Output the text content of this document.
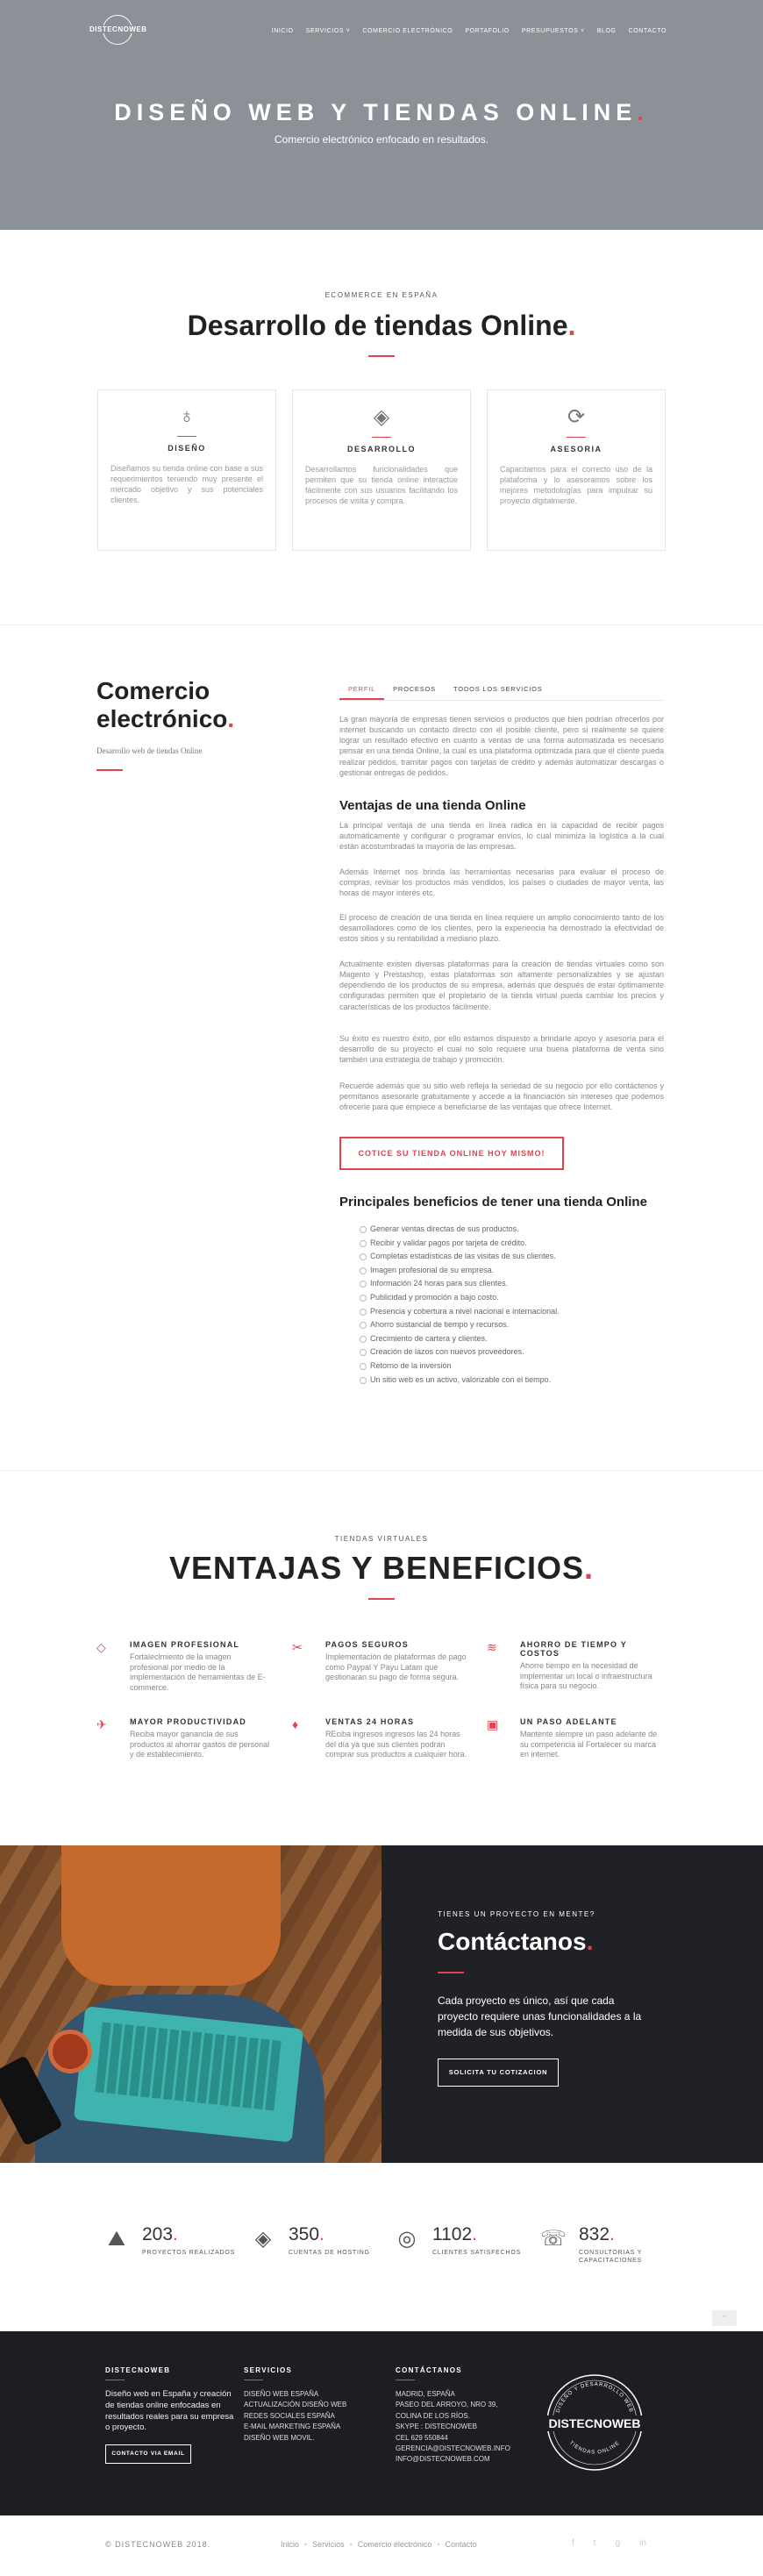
DISTECNOWEB	INICIO SERVICIOS ˅ COMERCIO ELECTRÓNICO PORTAFOLIO PRESUPUESTOS ˅ BLOG CONTACTO
DISEÑO WEB Y TIENDAS ONLINE.
Comercio electrónico enfocado en resultados.
ECOMMERCE EN ESPAÑA
Desarrollo de tiendas Online.
♁
DISEÑO

Diseñamos su tienda online con base a sus requerimientos teniendo muy presente el mercado objetivo y sus potenciales clientes.

◈
DESARROLLO

Desarrollamos funcionalidades que permiten que su tienda online interactúe fácilmente con sus usuarios facilitando los procesos de visita y compra.

⟳
ASESORIA

Capacitamos para el correcto uso de la plataforma y lo asesoramos sobre los mejores metodologías para impulsar su proyecto digitalmente.

Comercio
electrónico.
Desarrollo web de tiendas Online
PERFIL	PROCESOS	TODOS LOS SERVICIOS

La gran mayoría de empresas tienen servicios o productos que bien podrían ofrecerlos por internet buscando un contacto directo con el posible cliente, pero si realmente se quiere lograr un resultado efectivo en cuanto a ventas de una forma automatizada es necesario pensar en una tienda Online, la cual es una plataforma optimizada para que el cliente pueda realizar pedidos, tramitar pagos con tarjetas de crédito y además automatizar descargas o gestionar entregas de pedidos.

Ventajas de una tienda Online

La principal ventaja de una tienda en línea radica en la capacidad de recibir pagos automáticamente y configurar o programar envíos, lo cual minimiza la logística a la cual están acostumbradas la mayoría de las empresas.

Además Internet nos brinda las herramientas necesarias para evaluar el proceso de compras, revisar los productos más vendidos, los países o ciudades de mayor venta, las horas de mayor interés etc.

El proceso de creación de una tienda en línea requiere un amplio conocimiento tanto de los desarrolladores como de los clientes, pero la experiencia ha demostrado la efectividad de estos sitios y su rentabilidad a mediano plazo.

Actualmente existen diversas plataformas para la creación de tiendas virtuales como son Magento y Prestashop, estas plataformas son altamente personalizables y se ajustan dependiendo de los productos de su empresa, además que después de estar óptimamente configuradas permiten que el propietario de la tienda virtual pueda cambiar los precios y características de los productos fácilmente.

Su éxito es nuestro éxito, por ello estamos dispuesto a brindarle apoyo y asesoría para el desarrollo de su proyecto el cual no solo requiere una buena plataforma de venta sino también una estrategia de trabajo y promoción.

Recuerde además que su sitio web refleja la seriedad de su negocio por ello contáctenos y permítanos asesorarle gratuitamente y accede a la financiación sin intereses que podemos ofrecerle para que empiece a beneficiarse de las ventajas que ofrece Internet.

COTICE SU TIENDA ONLINE HOY MISMO!
Principales beneficios de tener una tienda Online
Generar ventas directas de sus productos.
Recibir y validar pagos por tarjeta de crédito.
Completas estadísticas de las visitas de sus clientes.
Imagen profesional de su empresa.
Información 24 horas para sus clientes.
Publicidad y promoción a bajo costo.
Presencia y cobertura a nivel nacional e internacional.
Ahorro sustancial de tiempo y recursos.
Crecimiento de cartera y clientes.
Creación de lazos con nuevos proveedores.
Retorno de la inversión
Un sitio web es un activo, valorizable con el tiempo.
TIENDAS VIRTUALES
VENTAJAS Y BENEFICIOS.
◇	IMAGEN PROFESIONAL

Fortalecimiento de la imagen profesional por medio de la implementación de herramientas de E-commerce.

✂	PAGOS SEGUROS

Implementación de plataformas de pago como Paypal Y Payu Latam que gestionaran su pago de forma segura.

≋	AHORRO DE TIEMPO Y COSTOS

Ahorre tiempo en la necesidad de implementar un local o infraestructura física para su negocio.

✈	MAYOR PRODUCTIVIDAD

Reciba mayor ganancia de sus productos al ahorrar gastos de personal y de establecimiento.

♦	VENTAS 24 HORAS

REciba ingresos ingresos las 24 horas del día ya que sus clientes podran comprar sus productos a cualquier hora.

▣	UN PASO ADELANTE

Mantente siempre un paso adelante de su competencia al Fortalecer su marca en internet.

TIENES UN PROYECTO EN MENTE?
Contáctanos.

Cada proyecto es único, así que cada proyecto requiere unas funcionalidades a la medida de sus objetivos.

SOLICITA TU COTIZACION
⛰ 203.
PROYECTOS REALIZADOS
◈ 350.
CUENTAS DE HOSTING
◎ 1102.
CLIENTES SATISFECHOS
☏ 832.
CONSULTORIAS Y CAPACITACIONES
⌃
DISTECNOWEB
Diseño web en España y creación de tiendas online enfocadas en resultados reales para su empresa o proyecto.
CONTACTO VIA EMAIL
SERVICIOS
DISEÑO WEB ESPAÑA
ACTUALIZACIÓN DISEÑO WEB
REDES SOCIALES ESPAÑA
E-MAIL MARKETING ESPAÑA
DISEÑO WEB MOVIL.
CONTÁCTANOS
MADRID, ESPAÑA
PASEO DEL ARROYO, NRO 39,
COLINA DE LOS RÍOS.
SKYPE : DISTECNOWEB
CEL 629 550844
GERENCIA@DISTECNOWEB.INFO
INFO@DISTECNOWEB.COM
DISEÑO Y DESARROLLO WEB
DISTECNOWEB
TIENDAS ONLINE
© DISTECNOWEB 2018.	Inicio • Servicios • Comercio electrónico • Contacto	f t g in
